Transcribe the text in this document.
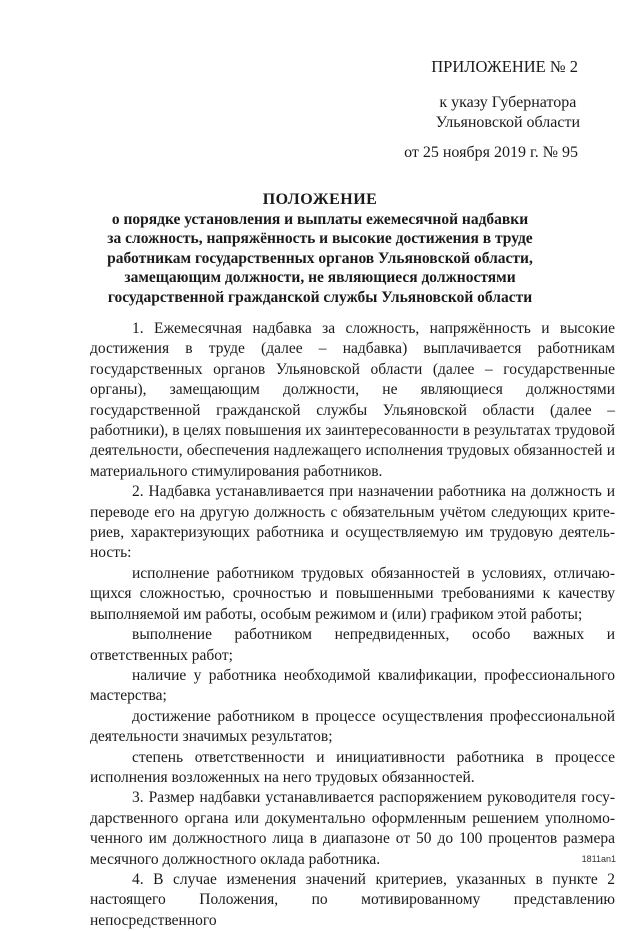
ПРИЛОЖЕНИЕ № 2
к указу Губернатора
Ульяновской области
от 25 ноября 2019 г. № 95
ПОЛОЖЕНИЕ
о порядке установления и выплаты ежемесячной надбавки
за сложность, напряжённость и высокие достижения в труде
работникам государственных органов Ульяновской области,
замещающим должности, не являющиеся должностями
государственной гражданской службы Ульяновской области

1. Ежемесячная надбавка за сложность, напряжённость и высокие достижения в труде (далее – надбавка) выплачивается работникам государственных органов Ульяновской области (далее – государственные органы), замещающим должности, не являющиеся должностями государственной гражданской службы Ульяновской области (далее – работники), в целях повышения их заинтересованности в результатах трудовой деятельности, обеспечения надлежащего исполнения трудовых обязанностей и материального стимулирования работников.

2. Надбавка устанавливается при назначении работника на должность и переводе его на другую должность с обязательным учётом следующих критериев, характеризующих работника и осуществляемую им трудовую деятельность:

исполнение работником трудовых обязанностей в условиях, отличающихся сложностью, срочностью и повышенными требованиями к качеству выполняемой им работы, особым режимом и (или) графиком этой работы;

выполнение работником непредвиденных, особо важных и ответственных работ;

наличие у работника необходимой квалификации, профессионального мастерства;

достижение работником в процессе осуществления профессиональной деятельности значимых результатов;

степень ответственности и инициативности работника в процессе исполнения возложенных на него трудовых обязанностей.

3. Размер надбавки устанавливается распоряжением руководителя государственного органа или документально оформленным решением уполномоченного им должностного лица в диапазоне от 50 до 100 процентов размера месячного должностного оклада работника.

4. В случае изменения значений критериев, указанных в пункте 2 настоящего Положения, по мотивированному представлению непосредственного

1811an1
